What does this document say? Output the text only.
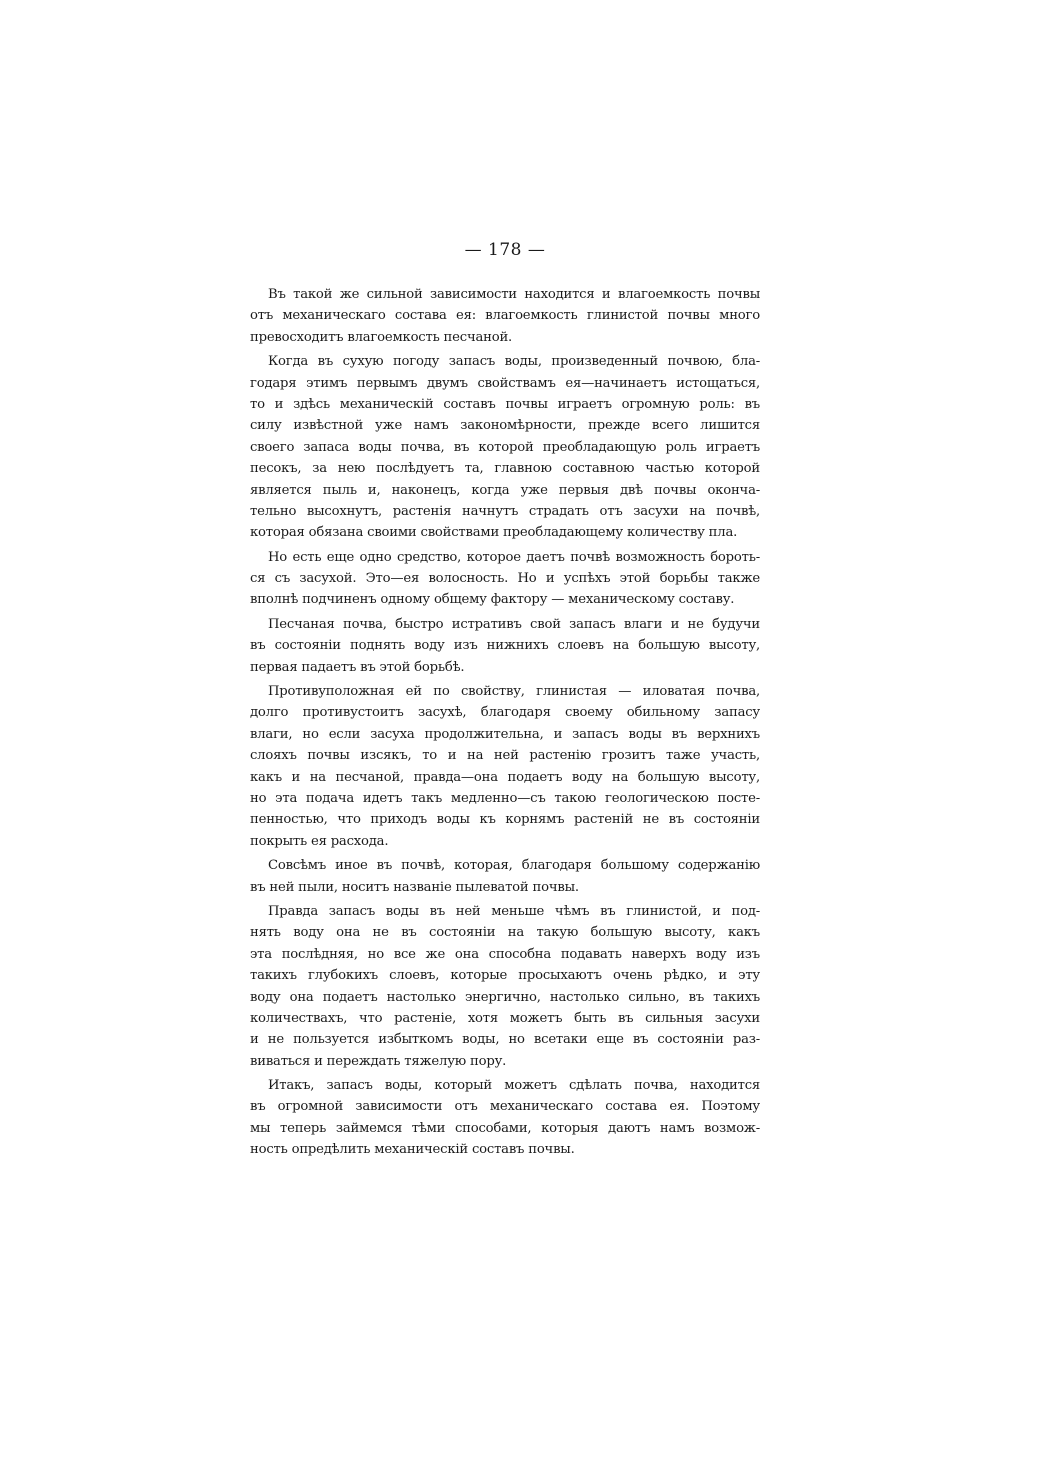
— 178 —
Въ такой же сильной зависимости находится и влагоемкость почвы
отъ механическаго состава ея: влагоемкость глинистой почвы много
превосходитъ влагоемкость песчаной.
Когда въ сухую погоду запасъ воды, произведенный почвою, бла-
годаря этимъ первымъ двумъ свойствамъ ея—начинаетъ истощаться,
то и здѣсь механическій составъ почвы играетъ огромную роль: въ
силу извѣстной уже намъ закономѣрности, прежде всего лишится
своего запаса воды почва, въ которой преобладающую роль играетъ
песокъ, за нею послѣдуетъ та, главною составною частью которой
является пыль и, наконецъ, когда уже первыя двѣ почвы оконча-
тельно высохнутъ, растенія начнутъ страдать отъ засухи на почвѣ,
которая обязана своими свойствами преобладающему количеству пла.
Но есть еще одно средство, которое даетъ почвѣ возможность бороть-
ся съ засухой. Это—ея волосность. Но и успѣхъ этой борьбы также
вполнѣ подчиненъ одному общему фактору — механическому составу.
Песчаная почва, быстро истративъ свой запасъ влаги и не будучи
въ состояніи поднять воду изъ нижнихъ слоевъ на большую высоту,
первая падаетъ въ этой борьбѣ.
Противуположная ей по свойству, глинистая — иловатая почва,
долго противустоитъ засухѣ, благодаря своему обильному запасу
влаги, но если засуха продолжительна, и запасъ воды въ верхнихъ
слояхъ почвы изсякъ, то и на ней растенію грозитъ таже участь,
какъ и на песчаной, правда—она подаетъ воду на большую высоту,
но эта подача идетъ такъ медленно—съ такою геологическою посте-
пенностью, что приходъ воды къ корнямъ растеній не въ состояніи
покрыть ея расхода.
Совсѣмъ иное въ почвѣ, которая, благодаря большому содержанію
въ ней пыли, носитъ названіе пылеватой почвы.
Правда запасъ воды въ ней меньше чѣмъ въ глинистой, и под-
нять воду она не въ состояніи на такую большую высоту, какъ
эта послѣдняя, но все же она способна подавать наверхъ воду изъ
такихъ глубокихъ слоевъ, которые просыхаютъ очень рѣдко, и эту
воду она подаетъ настолько энергично, настолько сильно, въ такихъ
количествахъ, что растеніе, хотя можетъ быть въ сильныя засухи
и не пользуется избыткомъ воды, но всетаки еще въ состояніи раз-
виваться и переждать тяжелую пору.
Итакъ, запасъ воды, который можетъ сдѣлать почва, находится
въ огромной зависимости отъ механическаго состава ея. Поэтому
мы теперь займемся тѣми способами, которыя даютъ намъ возмож-
ность опредѣлить механическій составъ почвы.
